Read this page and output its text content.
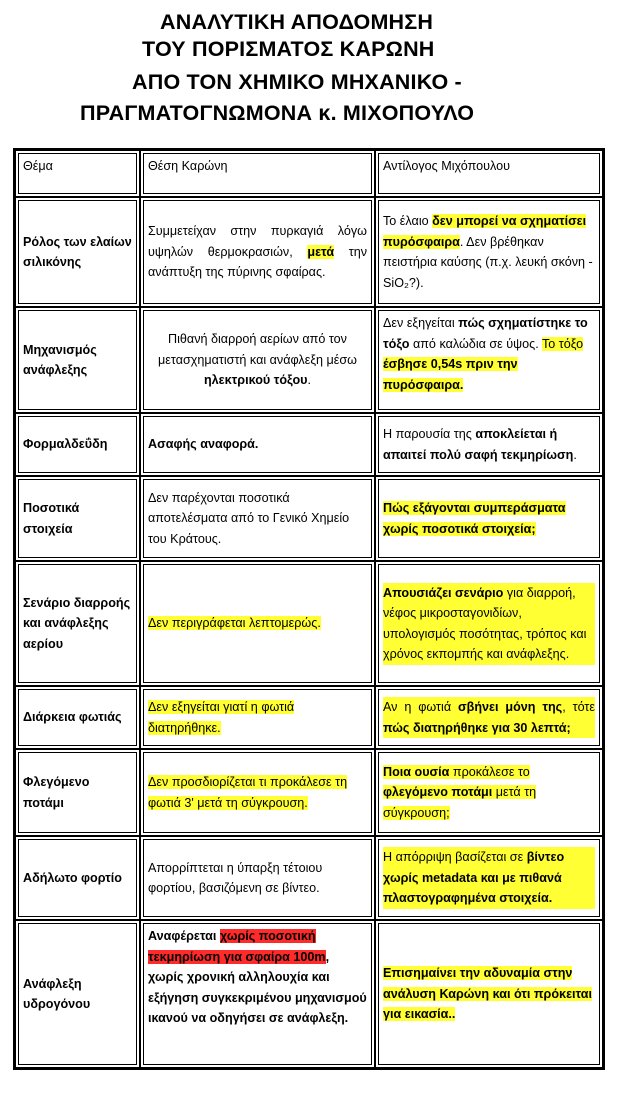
ΑΝΑΛΥΤΙΚΗ ΑΠΟΔΟΜΗΣΗ
ΤΟΥ ΠΟΡΙΣΜΑΤΟΣ ΚΑΡΩΝΗ
ΑΠΟ ΤΟΝ ΧΗΜΙΚΟ ΜΗΧΑΝΙΚΟ -
ΠΡΑΓΜΑΤΟΓΝΩΜΟΝΑ κ. ΜΙΧΟΠΟΥΛΟ
Θέμα	Θέση Καρώνη	Αντίλογος Μιχόπουλου

Ρόλος των ελαίων σιλικόνης	Συμμετείχαν στην πυρκαγιά λόγω υψηλών θερμοκρασιών, μετά την ανάπτυξη της πύρινης σφαίρας.	Το έλαιο δεν μπορεί να σχηματίσει πυρόσφαιρα. Δεν βρέθηκαν πειστήρια καύσης (π.χ. λευκή σκόνη - SiO₂?).

Μηχανισμός ανάφλεξης	Πιθανή διαρροή αερίων από τον μετασχηματιστή και ανάφλεξη μέσω ηλεκτρικού τόξου.	Δεν εξηγείται πώς σχηματίστηκε το τόξο από καλώδια σε ύψος. Το τόξο έσβησε 0,54s πριν την πυρόσφαιρα.

Φορμαλδεΰδη	Ασαφής αναφορά.	Η παρουσία της αποκλείεται ή απαιτεί πολύ σαφή τεκμηρίωση.

Ποσοτικά στοιχεία	Δεν παρέχονται ποσοτικά αποτελέσματα από το Γενικό Χημείο του Κράτους.	Πώς εξάγονται συμπεράσματα χωρίς ποσοτικά στοιχεία;

Σενάριο διαρροής και ανάφλεξης αερίου	Δεν περιγράφεται λεπτομερώς.	Απουσιάζει σενάριο για διαρροή, νέφος μικροσταγονιδίων, υπολογισμός ποσότητας, τρόπος και χρόνος εκπομπής και ανάφλεξης.

Διάρκεια φωτιάς	Δεν εξηγείται γιατί η φωτιά διατηρήθηκε.	Αν η φωτιά σβήνει μόνη της, τότε πώς διατηρήθηκε για 30 λεπτά;

Φλεγόμενο ποτάμι	Δεν προσδιορίζεται τι προκάλεσε τη φωτιά 3' μετά τη σύγκρουση.	Ποια ουσία προκάλεσε το φλεγόμενο ποτάμι μετά τη σύγκρουση;

Αδήλωτο φορτίο	Απορρίπτεται η ύπαρξη τέτοιου φορτίου, βασιζόμενη σε βίντεο.	Η απόρριψη βασίζεται σε βίντεο χωρίς metadata και με πιθανά πλαστογραφημένα στοιχεία.

Ανάφλεξη υδρογόνου	Αναφέρεται χωρίς ποσοτική τεκμηρίωση για σφαίρα 100m, χωρίς χρονική αλληλουχία και εξήγηση συγκεκριμένου μηχανισμού ικανού να οδηγήσει σε ανάφλεξη.	Επισημαίνει την αδυναμία στην ανάλυση Καρώνη και ότι πρόκειται για εικασία..
